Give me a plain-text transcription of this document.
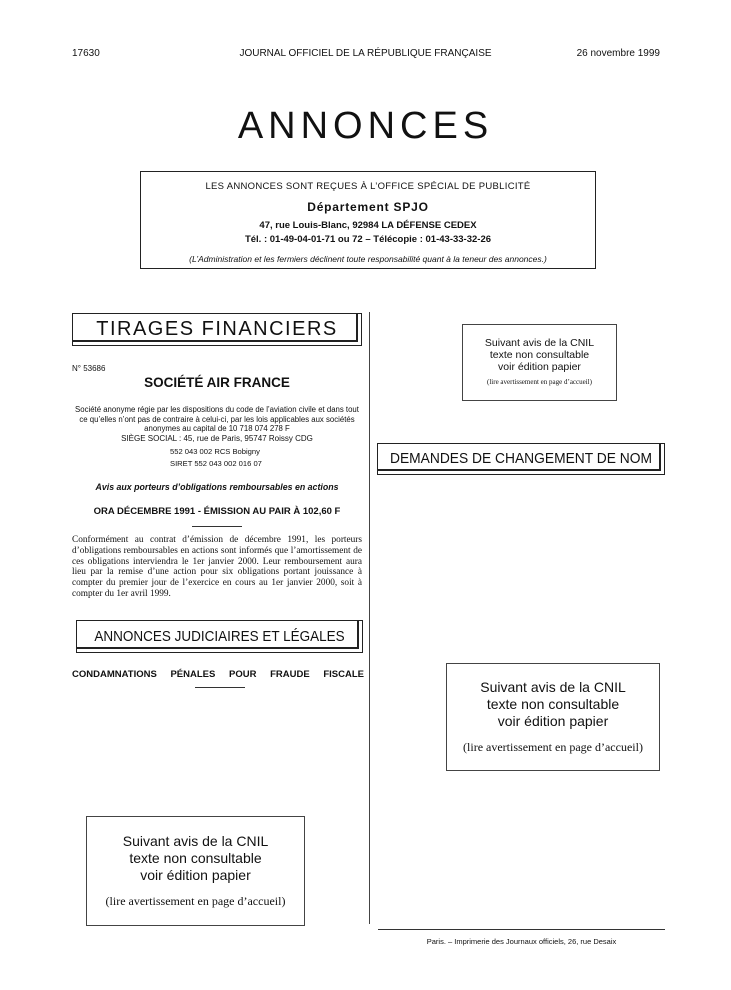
17630	JOURNAL OFFICIEL DE LA RÉPUBLIQUE FRANÇAISE	26 novembre 1999
ANNONCES
LES ANNONCES SONT REÇUES À L’OFFICE SPÉCIAL DE PUBLICITÉ
Département SPJO
47, rue Louis-Blanc, 92984 LA DÉFENSE CEDEX
Tél. : 01-49-04-01-71 ou 72 – Télécopie : 01-43-33-32-26
(L’Administration et les fermiers déclinent toute responsabilité quant à la teneur des annonces.)
TIRAGES FINANCIERS
N° 53686
SOCIÉTÉ AIR FRANCE
Société anonyme régie par les dispositions du code de l’aviation civile et dans tout ce qu’elles n’ont pas de contraire à celui-ci, par les lois applicables aux sociétés anonymes au capital de 10 718 074 278 F
SIÈGE SOCIAL : 45, rue de Paris, 95747 Roissy CDG
552 043 002 RCS Bobigny
SIRET 552 043 002 016 07
Avis aux porteurs d’obligations remboursables en actions
ORA DÉCEMBRE 1991 - ÉMISSION AU PAIR À 102,60 F
Conformément au contrat d’émission de décembre 1991, les porteurs d’obligations remboursables en actions sont informés que l’amortissement de ces obligations interviendra le 1er janvier 2000. Leur remboursement aura lieu par la remise d’une action pour six obligations portant jouissance à compter du premier jour de l’exercice en cours au 1er janvier 2000, soit à compter du 1er avril 1999.
ANNONCES JUDICIAIRES ET LÉGALES
CONDAMNATIONS PÉNALES POUR FRAUDE FISCALE
Suivant avis de la CNIL
texte non consultable
voir édition papier
(lire avertissement en page d’accueil)
Suivant avis de la CNIL
texte non consultable
voir édition papier
(lire avertissement en page d’accueil)
DEMANDES DE CHANGEMENT DE NOM
Suivant avis de la CNIL
texte non consultable
voir édition papier
(lire avertissement en page d’accueil)
Paris. – Imprimerie des Journaux officiels, 26, rue Desaix
